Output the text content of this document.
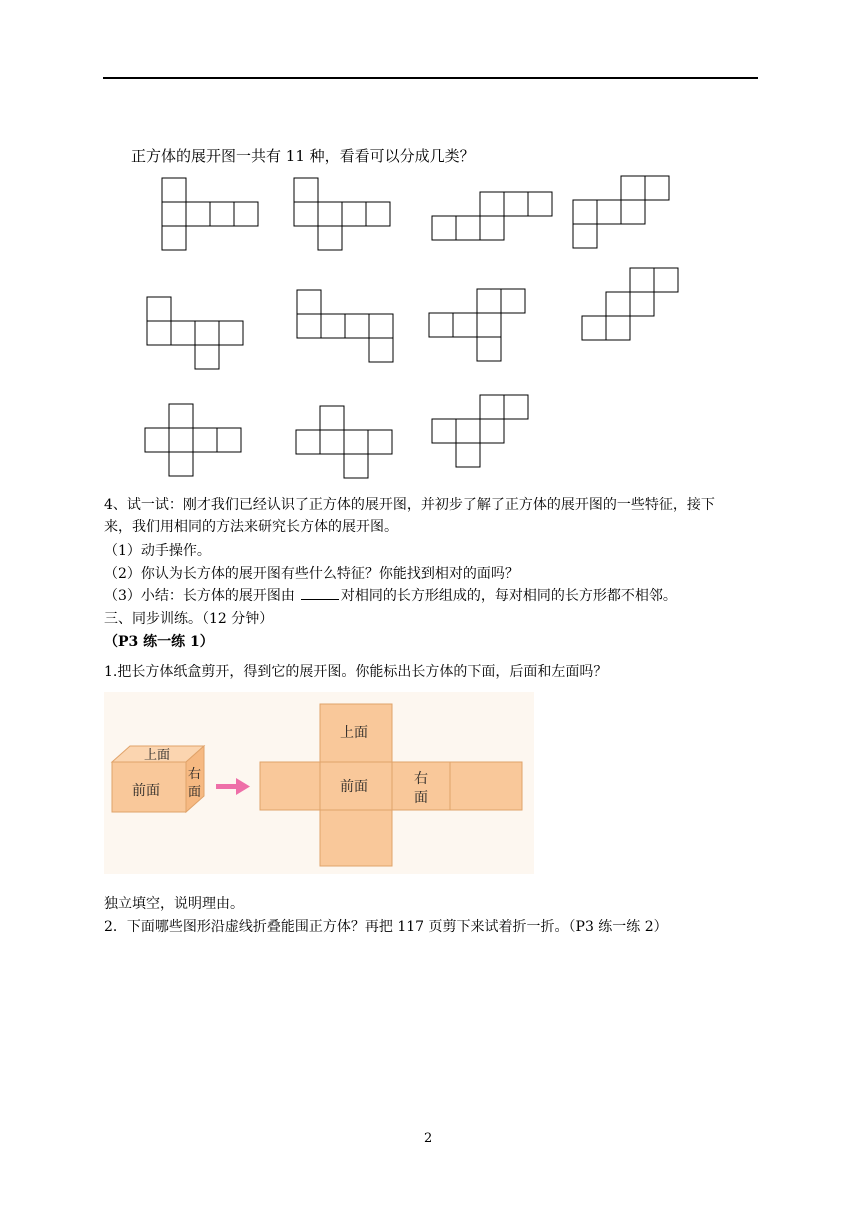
正方体的展开图一共有 11 种，看看可以分成几类？
4、试一试：刚才我们已经认识了正方体的展开图，并初步了解了正方体的展开图的一些特征，接下
来，我们用相同的方法来研究长方体的展开图。
（1）动手操作。
（2）你认为长方体的展开图有些什么特征？你能找到相对的面吗？
（3）小结：长方体的展开图由	对相同的长方形组成的，每对相同的长方形都不相邻。
三、同步训练。（12 分钟）
（P3 练一练 1）
1.把长方体纸盒剪开，得到它的展开图。你能标出长方体的下面，后面和左面吗？
上面
前面
右
面
上面
前面	右
面
独立填空，说明理由。
2．下面哪些图形沿虚线折叠能围正方体？再把 117 页剪下来试着折一折。（P3 练一练 2）
2
